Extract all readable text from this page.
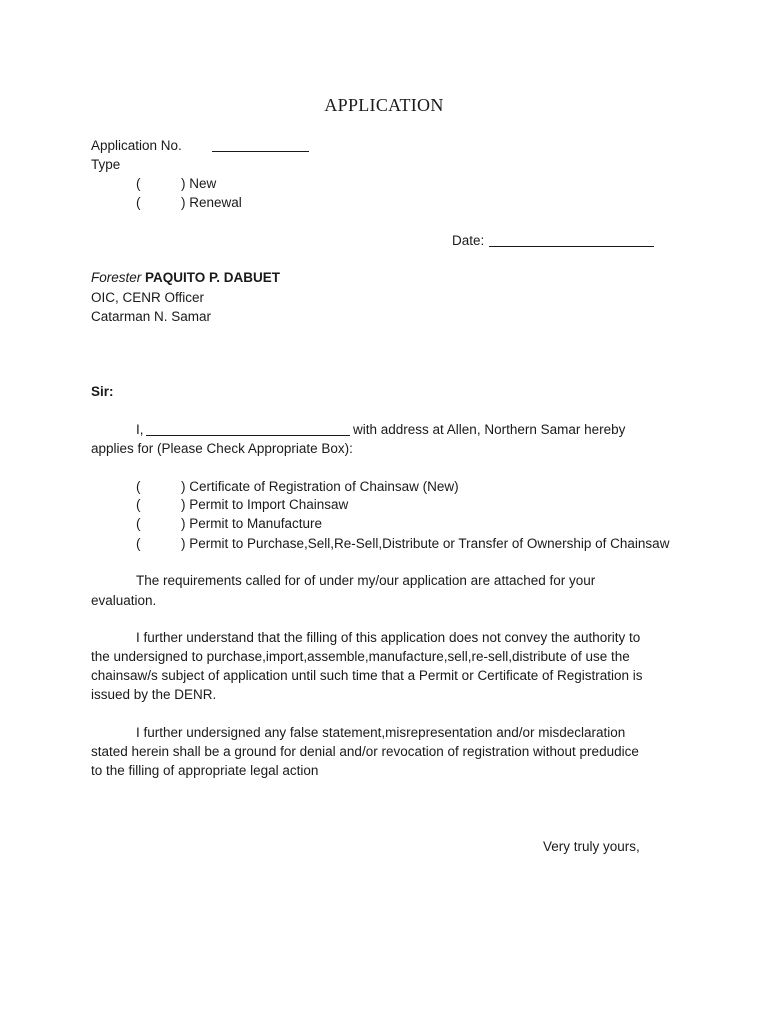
APPLICATION
Application No.
Type
(	) New
(	) Renewal
Date:
Forester PAQUITO P. DABUET
OIC, CENR Officer
Catarman N. Samar
Sir:
I,	with address at Allen, Northern Samar hereby
applies for (Please Check Appropriate Box):
(	) Certificate of Registration of Chainsaw (New)
(	) Permit to Import Chainsaw
(	) Permit to Manufacture
(	) Permit to Purchase,Sell,Re-Sell,Distribute or Transfer of Ownership of Chainsaw
The requirements called for of under my/our application are attached for your
evaluation.
I further understand that the filling of this application does not convey the authority to
the undersigned to purchase,import,assemble,manufacture,sell,re-sell,distribute of use the
chainsaw/s subject of application until such time that a Permit or Certificate of Registration is
issued by the DENR.
I further undersigned any false statement,misrepresentation and/or misdeclaration
stated herein shall be a ground for denial and/or revocation of registration without predudice
to the filling of appropriate legal action
Very truly yours,
